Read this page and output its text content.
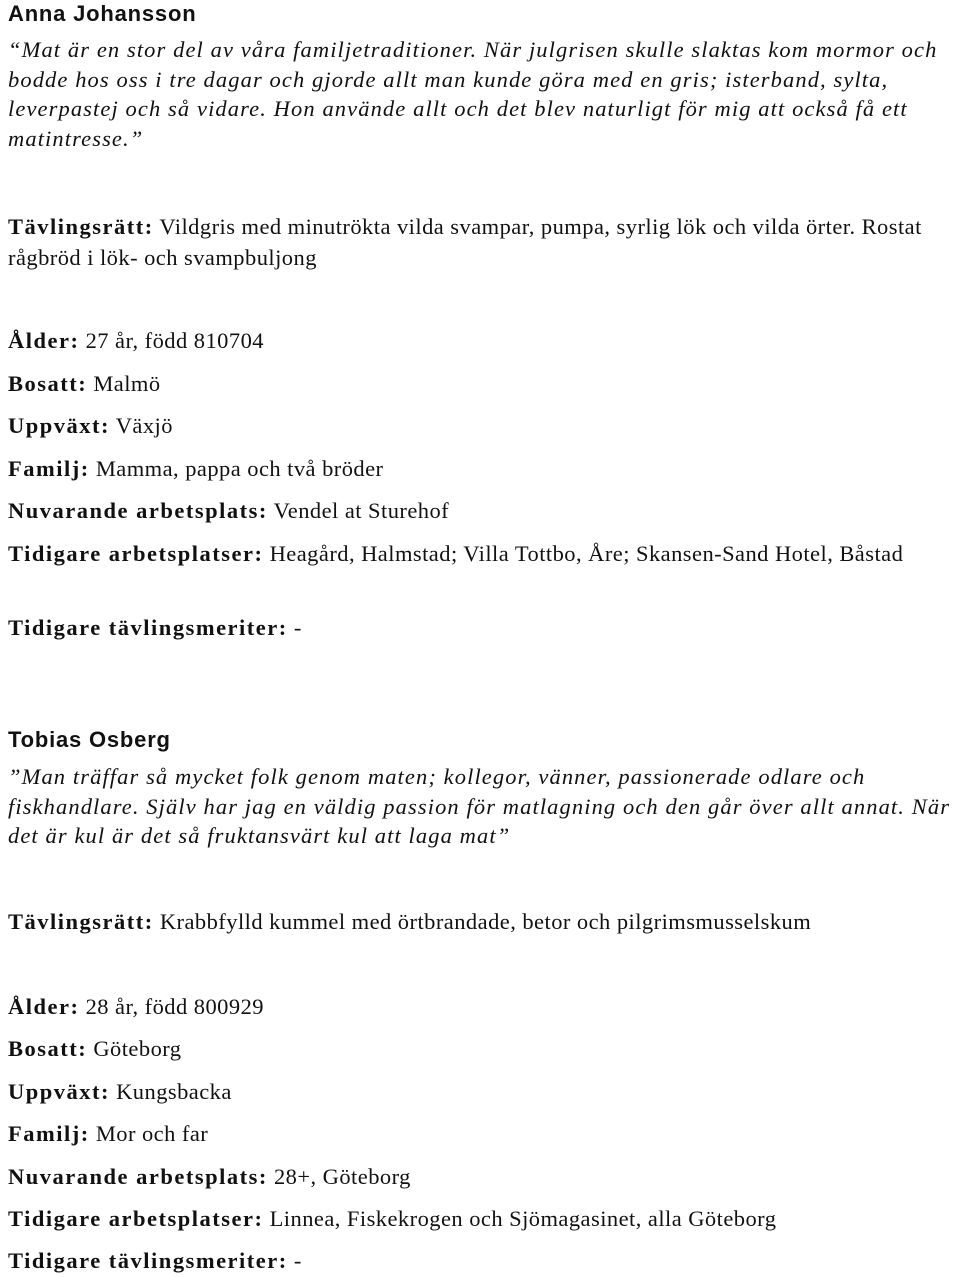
Anna Johansson

“Mat är en stor del av våra familjetraditioner. När julgrisen skulle slaktas kom mormor och bodde hos oss i tre dagar och gjorde allt man kunde göra med en gris; isterband, sylta, leverpastej och så vidare. Hon använde allt och det blev naturligt för mig att också få ett matintresse.”

Tävlingsrätt: Vildgris med minutrökta vilda svampar, pumpa, syrlig lök och vilda örter. Rostat rågbröd i lök- och svampbuljong

Ålder: 27 år, född 810704

Bosatt: Malmö

Uppväxt: Växjö

Familj: Mamma, pappa och två bröder

Nuvarande arbetsplats: Vendel at Sturehof

Tidigare arbetsplatser: Heagård, Halmstad; Villa Tottbo, Åre; Skansen-Sand Hotel, Båstad

Tidigare tävlingsmeriter: -

Tobias Osberg

”Man träffar så mycket folk genom maten; kollegor, vänner, passionerade odlare och fiskhandlare. Själv har jag en väldig passion för matlagning och den går över allt annat. När det är kul är det så fruktansvärt kul att laga mat”

Tävlingsrätt: Krabbfylld kummel med örtbrandade, betor och pilgrimsmusselskum

Ålder: 28 år, född 800929

Bosatt: Göteborg

Uppväxt: Kungsbacka

Familj: Mor och far

Nuvarande arbetsplats: 28+, Göteborg

Tidigare arbetsplatser: Linnea, Fiskekrogen och Sjömagasinet, alla Göteborg

Tidigare tävlingsmeriter: -
